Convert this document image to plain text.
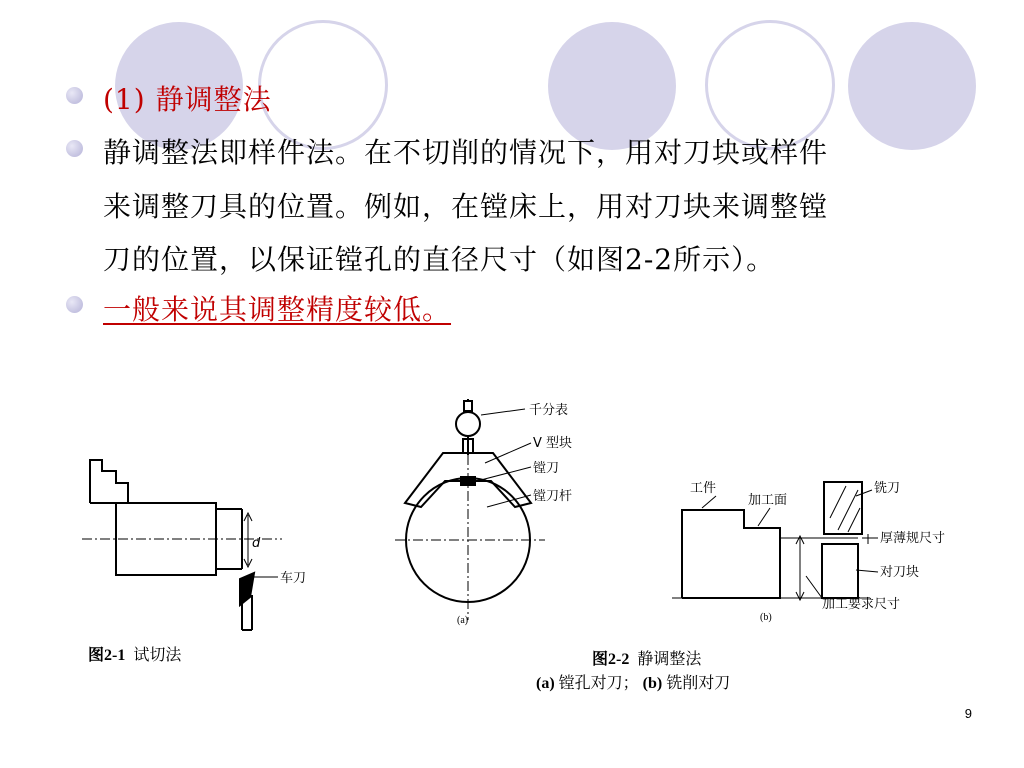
(1) 静调整法
静调整法即样件法。在不切削的情况下，用对刀块或样件
来调整刀具的位置。例如，在镗床上，用对刀块来调整镗
刀的位置，以保证镗孔的直径尺寸（如图2-2所示）。
一般来说其调整精度较低。
d
车刀
图2-1 试切法
千分表
V 型块
镗刀
镗刀杆
(a)
工件
加工面
铣刀
厚薄规尺寸
对刀块
加工要求尺寸
(b)
图2-2 静调整法
(a) 镗孔对刀； (b) 铣削对刀
9
